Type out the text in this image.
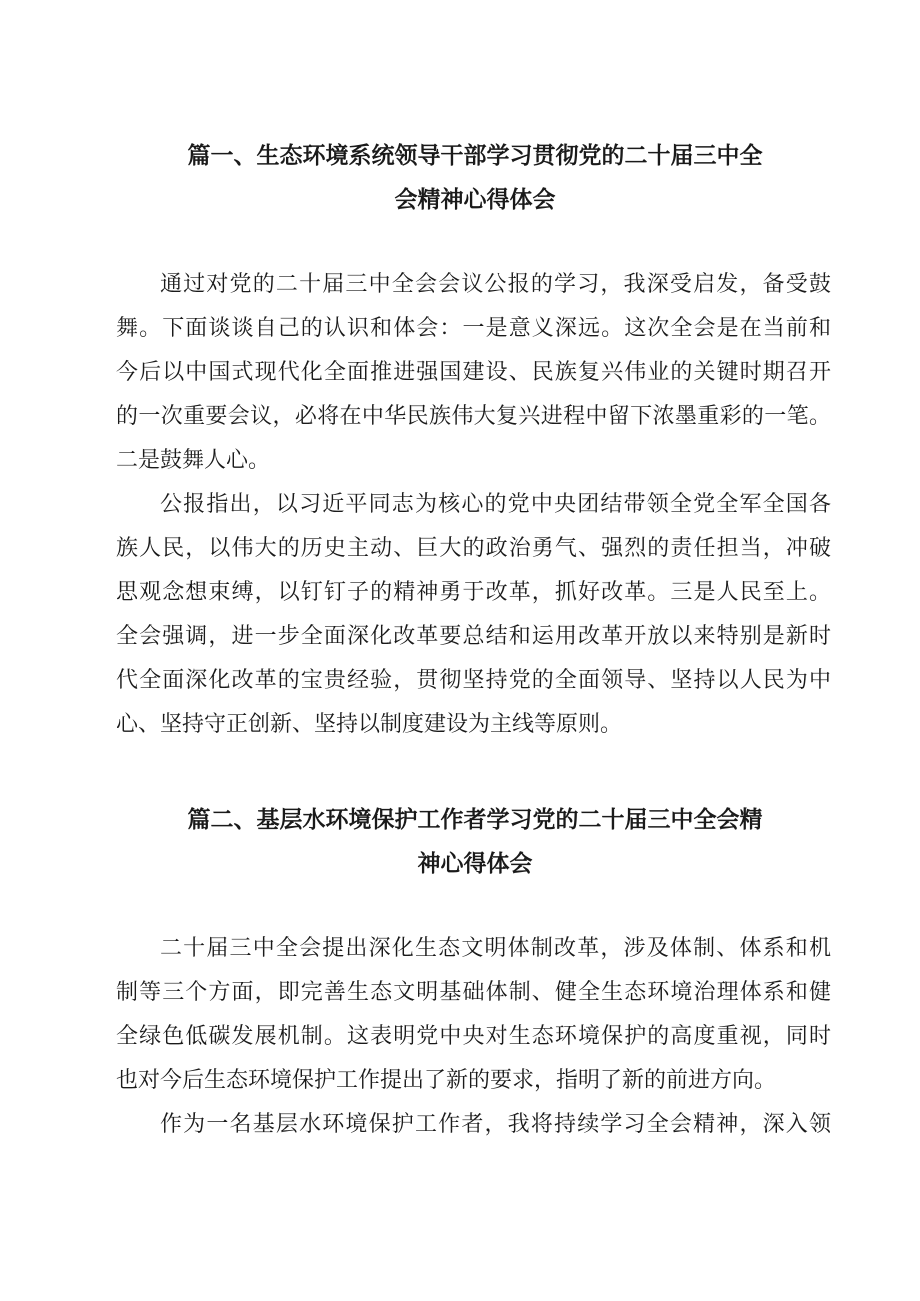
篇一、生态环境系统领导干部学习贯彻党的二十届三中全
会精神心得体会

通过对党的二十届三中全会会议公报的学习，我深受启发，备受鼓

舞。下面谈谈自己的认识和体会：一是意义深远。这次全会是在当前和

今后以中国式现代化全面推进强国建设、民族复兴伟业的关键时期召开

的一次重要会议，必将在中华民族伟大复兴进程中留下浓墨重彩的一笔。

二是鼓舞人心。

公报指出，以习近平同志为核心的党中央团结带领全党全军全国各

族人民，以伟大的历史主动、巨大的政治勇气、强烈的责任担当，冲破

思观念想束缚，以钉钉子的精神勇于改革，抓好改革。三是人民至上。

全会强调，进一步全面深化改革要总结和运用改革开放以来特别是新时

代全面深化改革的宝贵经验，贯彻坚持党的全面领导、坚持以人民为中

心、坚持守正创新、坚持以制度建设为主线等原则。

篇二、基层水环境保护工作者学习党的二十届三中全会精
神心得体会

二十届三中全会提出深化生态文明体制改革，涉及体制、体系和机

制等三个方面，即完善生态文明基础体制、健全生态环境治理体系和健

全绿色低碳发展机制。这表明党中央对生态环境保护的高度重视，同时

也对今后生态环境保护工作提出了新的要求，指明了新的前进方向。

作为一名基层水环境保护工作者，我将持续学习全会精神，深入领
